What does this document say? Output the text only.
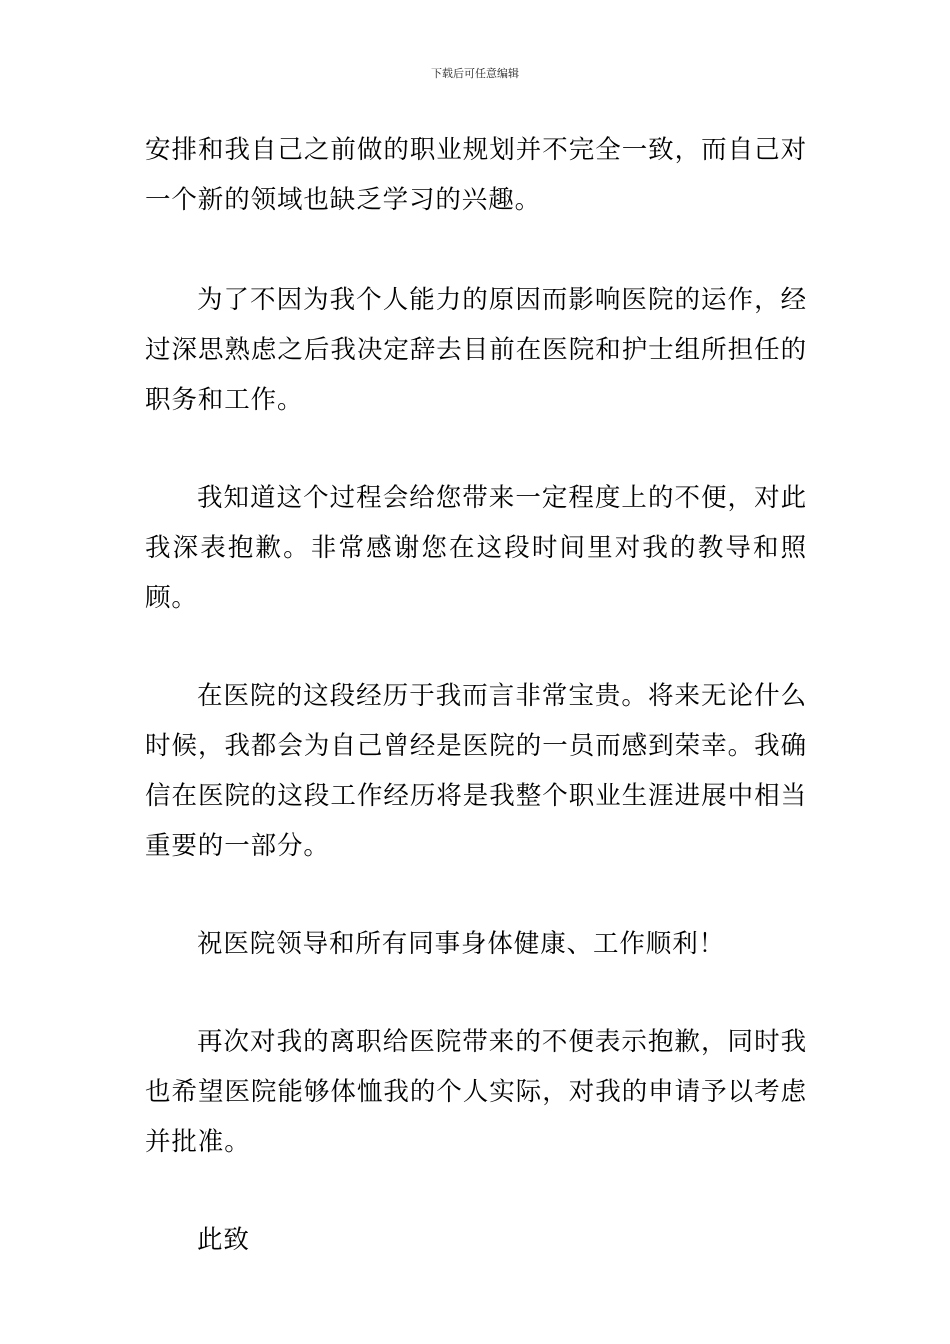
下载后可任意编辑

安排和我自己之前做的职业规划并不完全一致，而自己对一个新的领域也缺乏学习的兴趣。

为了不因为我个人能力的原因而影响医院的运作，经过深思熟虑之后我决定辞去目前在医院和护士组所担任的职务和工作。

我知道这个过程会给您带来一定程度上的不便，对此我深表抱歉。非常感谢您在这段时间里对我的教导和照顾。

在医院的这段经历于我而言非常宝贵。将来无论什么时候，我都会为自己曾经是医院的一员而感到荣幸。我确信在医院的这段工作经历将是我整个职业生涯进展中相当重要的一部分。

祝医院领导和所有同事身体健康、工作顺利！

再次对我的离职给医院带来的不便表示抱歉，同时我也希望医院能够体恤我的个人实际，对我的申请予以考虑并批准。

此致
